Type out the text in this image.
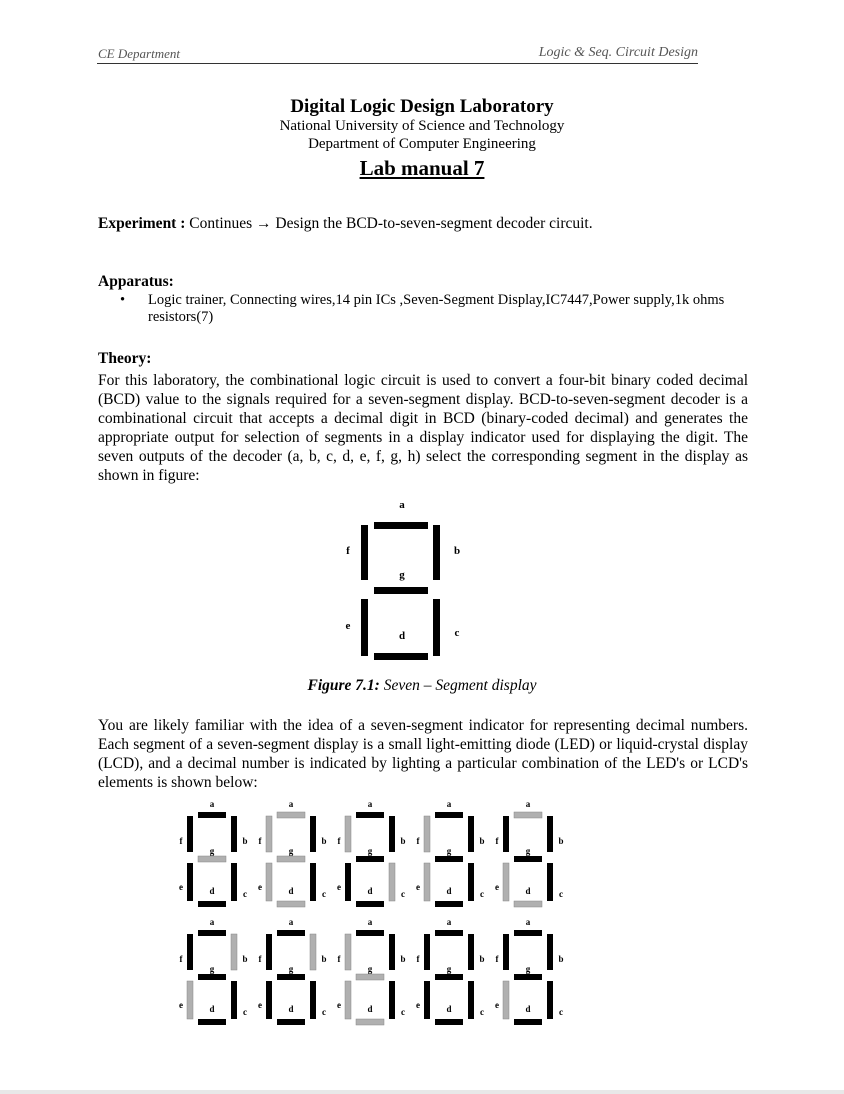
CE Department	Logic & Seq. Circuit Design
Digital Logic Design Laboratory
National University of Science and Technology
Department of Computer Engineering
Lab manual 7
Experiment : Continues → Design the BCD-to-seven-segment decoder circuit.
Apparatus:
• Logic trainer, Connecting wires,14 pin ICs ,Seven-Segment Display,IC7447,Power supply,1k ohms resistors(7)
Theory:
For this laboratory, the combinational logic circuit is used to convert a four-bit binary coded decimal (BCD) value to the signals required for a seven-segment display. BCD-to-seven-segment decoder is a combinational circuit that accepts a decimal digit in BCD (binary-coded decimal) and generates the appropriate output for selection of segments in a display indicator used for displaying the digit. The seven outputs of the decoder (a, b, c, d, e, f, g, h) select the corresponding segment in the display as shown in figure:
a
b
c
d
e
f
g
Figure 7.1: Seven – Segment display
You are likely familiar with the idea of a seven-segment indicator for representing decimal numbers. Each segment of a seven-segment display is a small light-emitting diode (LED) or liquid-crystal display (LCD), and a decimal number is indicated by lighting a particular combination of the LED's or LCD's elements is shown below:
a
b
c
d
e
f
g
a
b
c
d
e
f
g
a
b
c
d
e
f
g
a
b
c
d
e
f
g
a
b
c
d
e
f
g
a
b
c
d
e
f
g
a
b
c
d
e
f
g
a
b
c
d
e
f
g
a
b
c
d
e
f
g
a
b
c
d
e
f
g
